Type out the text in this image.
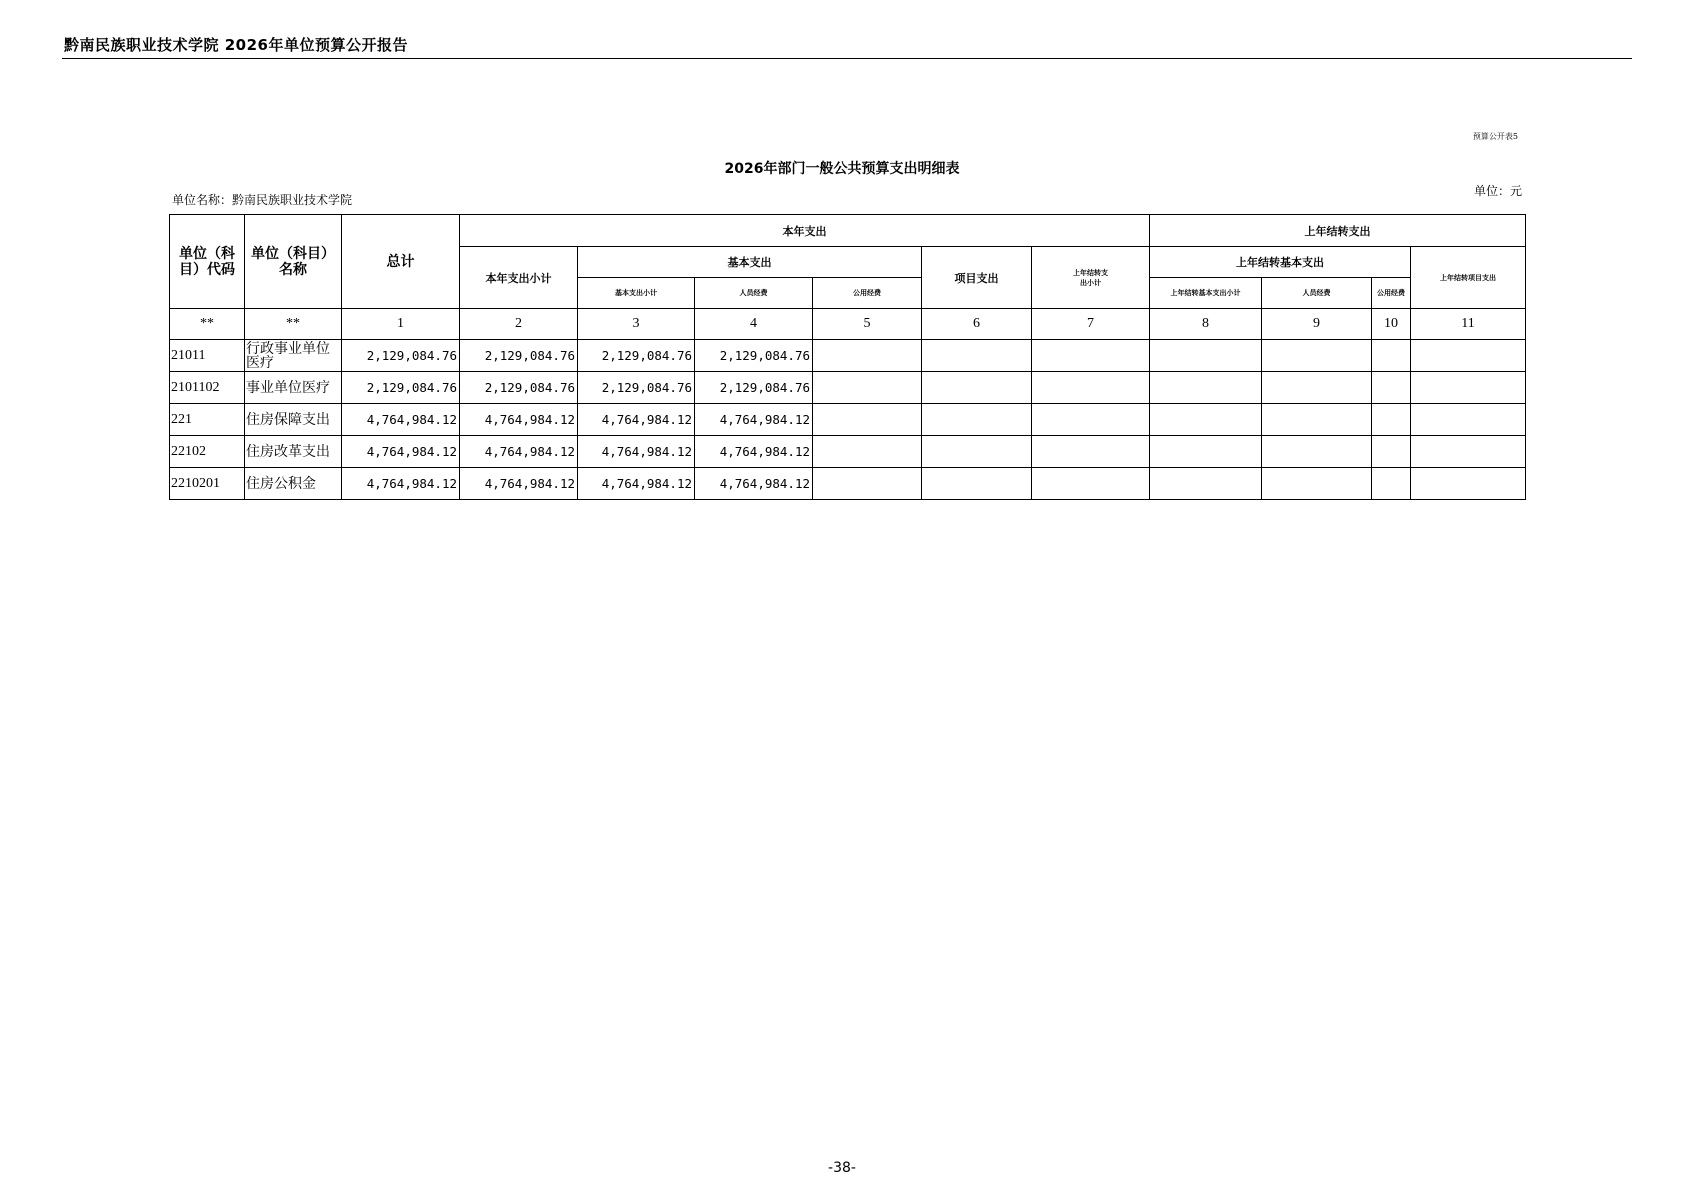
黔南民族职业技术学院 2026年单位预算公开报告
预算公开表5
2026年部门一般公共预算支出明细表
单位名称：黔南民族职业技术学院
单位：元
单位（科目）代码	单位（科目）名称	总计	本年支出						上年结转支出			
			本年支出小计	基本支出			项目支出	上年结转支出小计	上年结转基本支出			上年结转项目支出
				基本支出小计	人员经费	公用经费			上年结转基本支出小计	人员经费	公用经费	
**	**	1	2	3	4	5	6	7	8	9	10	11
21011	行政事业单位医疗	2,129,084.76	2,129,084.76	2,129,084.76	2,129,084.76							
2101102	事业单位医疗	2,129,084.76	2,129,084.76	2,129,084.76	2,129,084.76							
221	住房保障支出	4,764,984.12	4,764,984.12	4,764,984.12	4,764,984.12							
22102	住房改革支出	4,764,984.12	4,764,984.12	4,764,984.12	4,764,984.12							
2210201	住房公积金	4,764,984.12	4,764,984.12	4,764,984.12	4,764,984.12							
-38-
